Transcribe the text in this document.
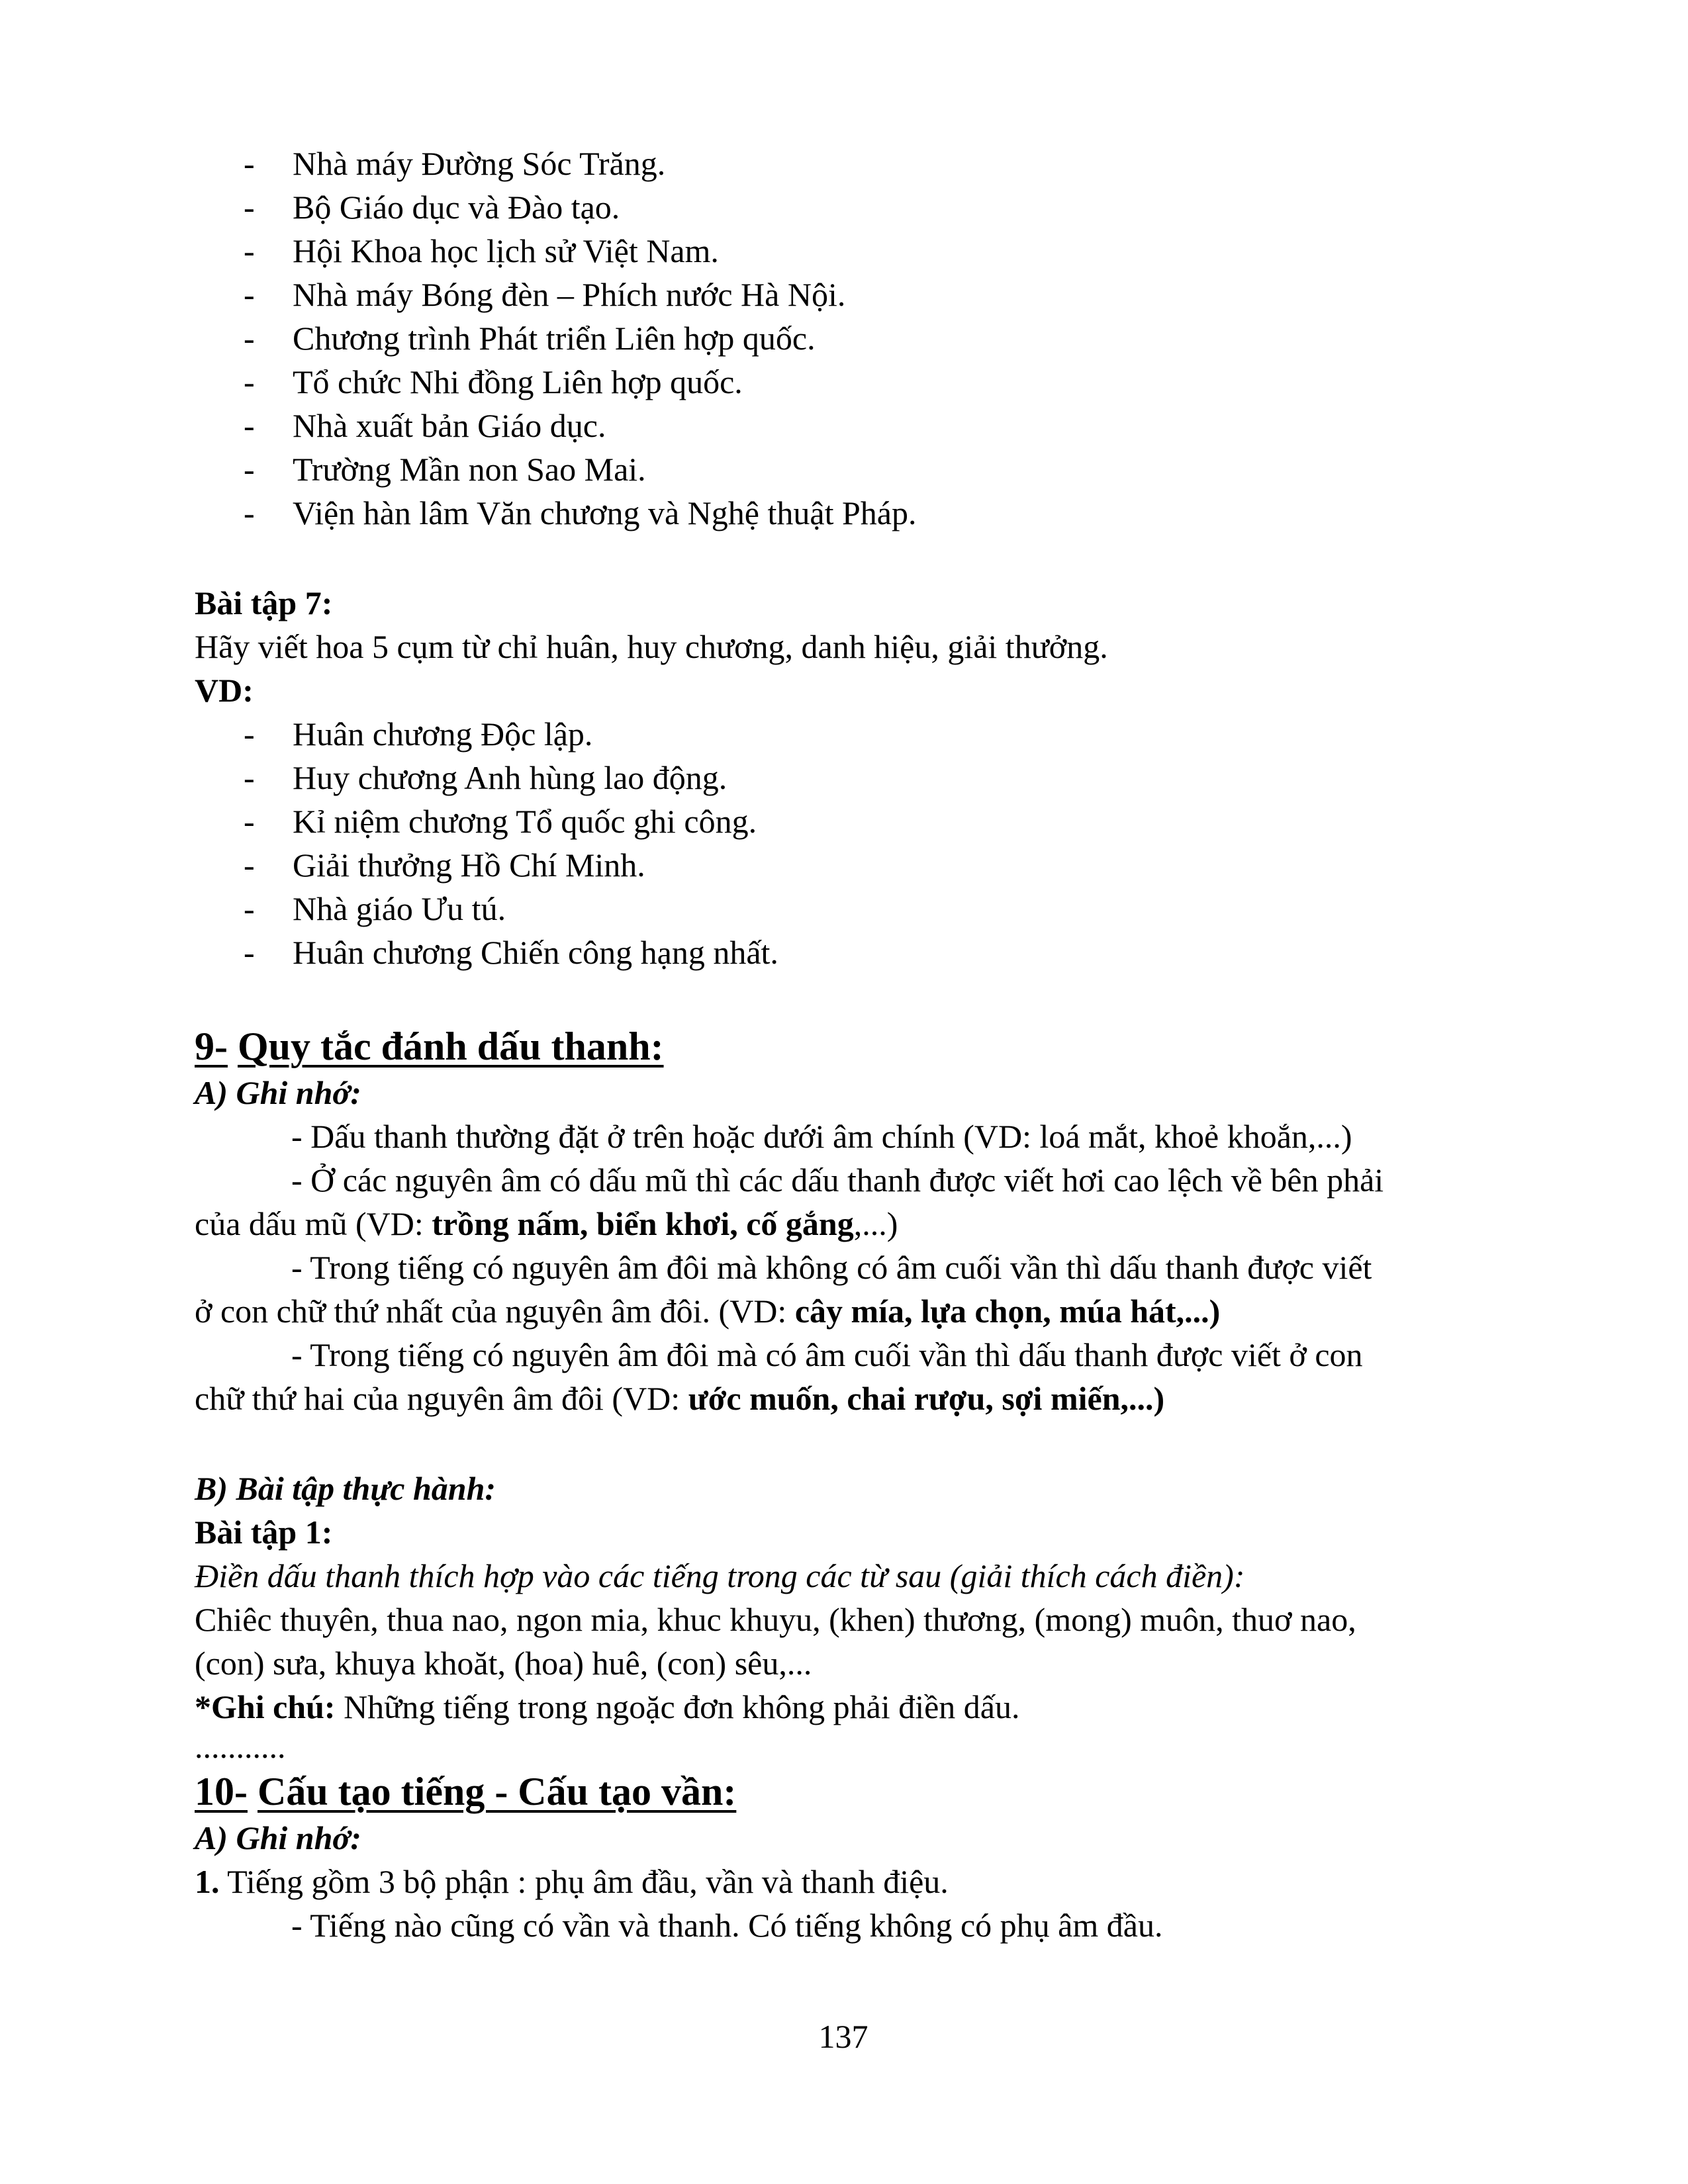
- Nhà máy Đường Sóc Trăng.
- Bộ Giáo dục và Đào tạo.
- Hội Khoa học lịch sử Việt Nam.
- Nhà máy Bóng đèn – Phích nước Hà Nội.
- Chương trình Phát triển Liên hợp quốc.
- Tổ chức Nhi đồng Liên hợp quốc.
- Nhà xuất bản Giáo dục.
- Trường Mần non Sao Mai.
- Viện hàn lâm Văn chương và Nghệ thuật Pháp.
Bài tập 7:
Hãy viết hoa 5 cụm từ chỉ huân, huy chương, danh hiệu, giải thưởng.
VD:
- Huân chương Độc lập.
- Huy chương Anh hùng lao động.
- Kỉ niệm chương Tổ quốc ghi công.
- Giải thưởng Hồ Chí Minh.
- Nhà giáo Ưu tú.
- Huân chương Chiến công hạng nhất.
9- Quy tắc đánh dấu thanh:
A) Ghi nhớ:
- Dấu thanh thường đặt ở trên hoặc dưới âm chính (VD: loá mắt, khoẻ khoắn,...)
- Ở các nguyên âm có dấu mũ thì các dấu thanh được viết hơi cao lệch về bên phải
của dấu mũ (VD: trồng nấm, biển khơi, cố gắng,...)
- Trong tiếng có nguyên âm đôi mà không có âm cuối vần thì dấu thanh được viết
ở con chữ thứ nhất của nguyên âm đôi. (VD: cây mía, lựa chọn, múa hát,...)
- Trong tiếng có nguyên âm đôi mà có âm cuối vần thì dấu thanh được viết ở con
chữ thứ hai của nguyên âm đôi (VD: ước muốn, chai rượu, sợi miến,...)
B) Bài tập thực hành:
Bài tập 1:
Điền dấu thanh thích hợp vào các tiếng trong các từ sau (giải thích cách điền):
Chiêc thuyên, thua nao, ngon mia, khuc khuyu, (khen) thương, (mong) muôn, thuơ nao,
(con) sưa, khuya khoăt, (hoa) huê, (con) sêu,...
*Ghi chú: Những tiếng trong ngoặc đơn không phải điền dấu.
...........
10- Cấu tạo tiếng - Cấu tạo vần:
A) Ghi nhớ:
1. Tiếng gồm 3 bộ phận : phụ âm đầu, vần và thanh điệu.
- Tiếng nào cũng có vần và thanh. Có tiếng không có phụ âm đầu.
137
